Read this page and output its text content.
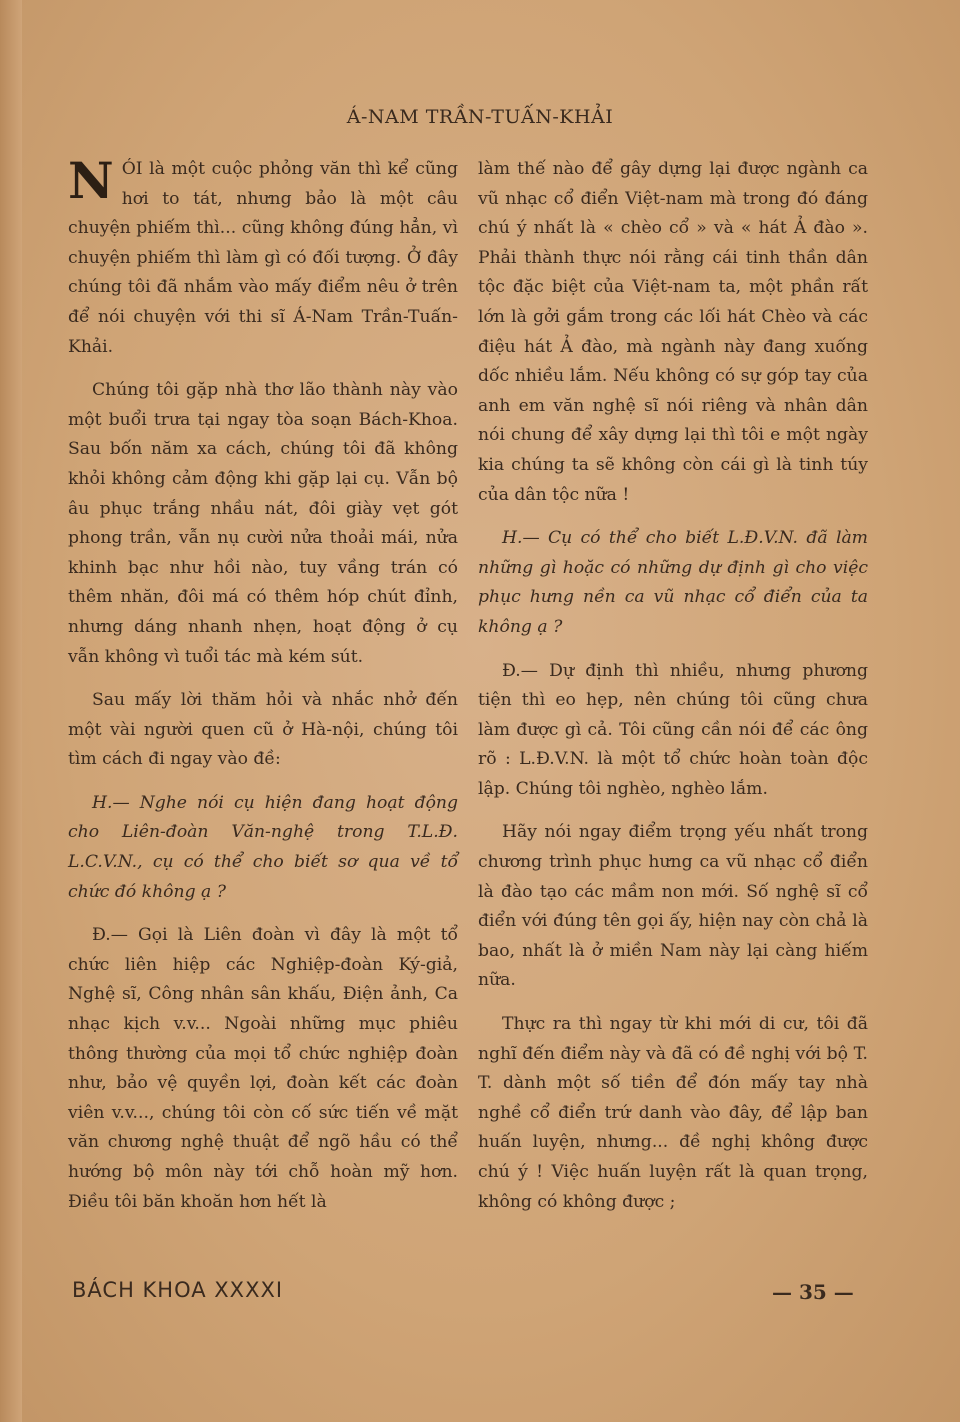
Á-NAM TRẦN-TUẤN-KHẢI

NÓI là một cuộc phỏng văn thì kể cũng hơi to tát, nhưng bảo là một câu chuyện phiếm thì... cũng không đúng hẳn, vì chuyện phiếm thì làm gì có đối tượng. Ở đây chúng tôi đã nhắm vào mấy điểm nêu ở trên để nói chuyện với thi sĩ Á-Nam Trần-Tuấn-Khải.

Chúng tôi gặp nhà thơ lão thành này vào một buổi trưa tại ngay tòa soạn Bách-Khoa. Sau bốn năm xa cách, chúng tôi đã không khỏi không cảm động khi gặp lại cụ. Vẫn bộ âu phục trắng nhầu nát, đôi giày vẹt gót phong trần, vẫn nụ cười nửa thoải mái, nửa khinh bạc như hồi nào, tuy vầng trán có thêm nhăn, đôi má có thêm hóp chút đỉnh, nhưng dáng nhanh nhẹn, hoạt động ở cụ vẫn không vì tuổi tác mà kém sút.

Sau mấy lời thăm hỏi và nhắc nhở đến một vài người quen cũ ở Hà-nội, chúng tôi tìm cách đi ngay vào đề:

H.— Nghe nói cụ hiện đang hoạt động cho Liên-đoàn Văn-nghệ trong T.L.Đ. L.C.V.N., cụ có thể cho biết sơ qua về tổ chức đó không ạ ?

Đ.— Gọi là Liên đoàn vì đây là một tổ chức liên hiệp các Nghiệp-đoàn Ký-giả, Nghệ sĩ, Công nhân sân khấu, Điện ảnh, Ca nhạc kịch v.v... Ngoài những mục phiêu thông thường của mọi tổ chức nghiệp đoàn như, bảo vệ quyền lợi, đoàn kết các đoàn viên v.v..., chúng tôi còn cố sức tiến về mặt văn chương nghệ thuật để ngõ hầu có thể hướng bộ môn này tới chỗ hoàn mỹ hơn. Điều tôi băn khoăn hơn hết là

làm thế nào để gây dựng lại được ngành ca vũ nhạc cổ điển Việt-nam mà trong đó đáng chú ý nhất là « chèo cổ » và « hát Ả đào ». Phải thành thực nói rằng cái tinh thần dân tộc đặc biệt của Việt-nam ta, một phần rất lớn là gởi gắm trong các lối hát Chèo và các điệu hát Ả đào, mà ngành này đang xuống dốc nhiều lắm. Nếu không có sự góp tay của anh em văn nghệ sĩ nói riêng và nhân dân nói chung để xây dựng lại thì tôi e một ngày kia chúng ta sẽ không còn cái gì là tinh túy của dân tộc nữa !

H.— Cụ có thể cho biết L.Đ.V.N. đã làm những gì hoặc có những dự định gì cho việc phục hưng nền ca vũ nhạc cổ điển của ta không ạ ?

Đ.— Dự định thì nhiều, nhưng phương tiện thì eo hẹp, nên chúng tôi cũng chưa làm được gì cả. Tôi cũng cần nói để các ông rõ : L.Đ.V.N. là một tổ chức hoàn toàn độc lập. Chúng tôi nghèo, nghèo lắm.

Hãy nói ngay điểm trọng yếu nhất trong chương trình phục hưng ca vũ nhạc cổ điển là đào tạo các mầm non mới. Số nghệ sĩ cổ điển với đúng tên gọi ấy, hiện nay còn chả là bao, nhất là ở miền Nam này lại càng hiếm nữa.

Thực ra thì ngay từ khi mới di cư, tôi đã nghĩ đến điểm này và đã có đề nghị với bộ T. T. dành một số tiền để đón mấy tay nhà nghề cổ điển trứ danh vào đây, để lập ban huấn luyện, nhưng... đề nghị không được chú ý ! Việc huấn luyện rất là quan trọng, không có không được ;

BÁCH KHOA XXXXI	— 35 —
